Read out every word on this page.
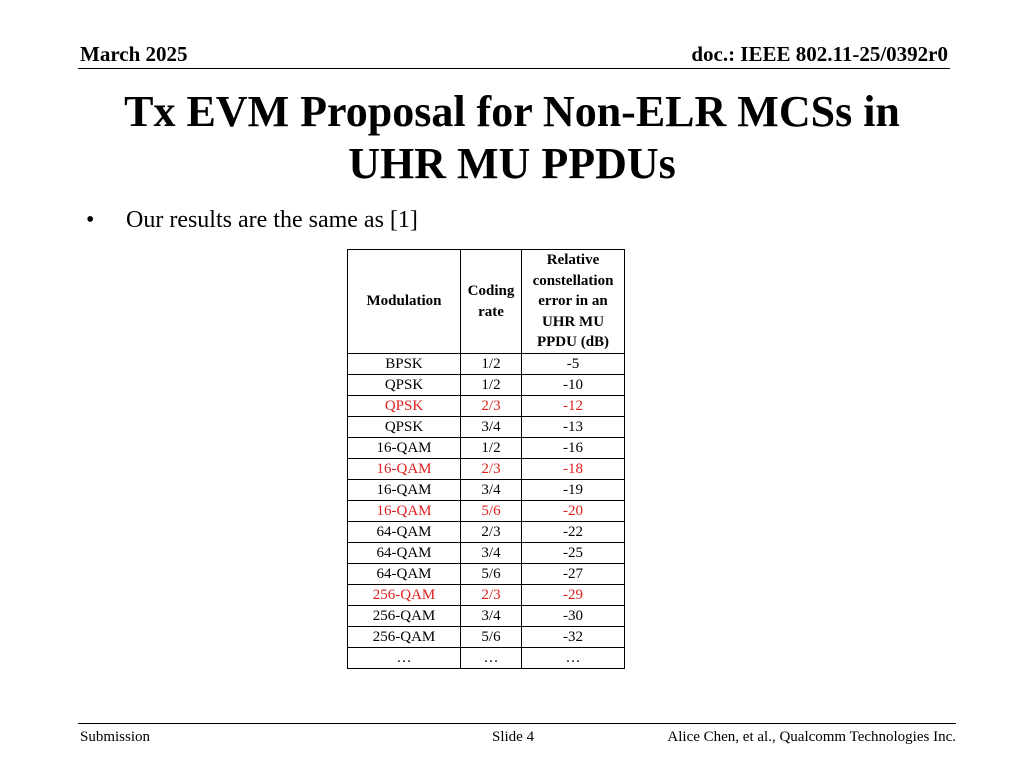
March 2025	doc.: IEEE 802.11-25/0392r0
Tx EVM Proposal for Non-ELR MCSs in
UHR MU PPDUs
• Our results are the same as [1]
Modulation	Coding rate	Relative constellation error in an UHR MU PPDU (dB)
BPSK	1/2	-5
QPSK	1/2	-10
QPSK	2/3	-12
QPSK	3/4	-13
16-QAM	1/2	-16
16-QAM	2/3	-18
16-QAM	3/4	-19
16-QAM	5/6	-20
64-QAM	2/3	-22
64-QAM	3/4	-25
64-QAM	5/6	-27
256-QAM	2/3	-29
256-QAM	3/4	-30
256-QAM	5/6	-32
…	…	…
Submission	Slide 4	Alice Chen, et al., Qualcomm Technologies Inc.
